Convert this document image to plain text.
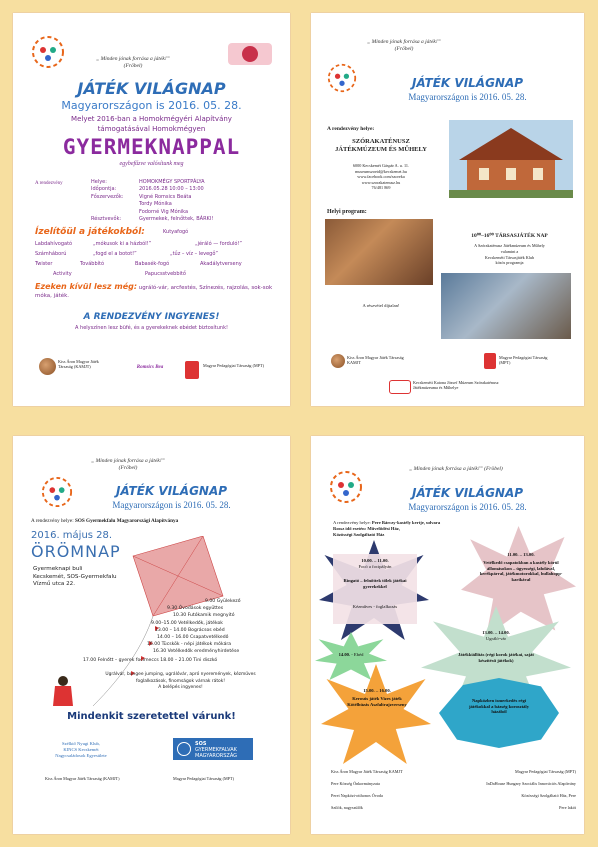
„ Minden jónak forrása a játék!” (Fröbel)
JÁTÉK VILÁGNAP
Magyarországon is 2016. 05. 28.
Melyet 2016-ban a Homokmégyéri Alapítvány
támogatásával Homokmégyen
GYERMEKNAPPAL
egybefűzve valósítunk meg
A rendezvény	Helye:	HOMOKMÉGY SPORTPÁLYA
Időpontja:	2016.05.28 10:00 – 13:00
Főszervezők:	Vigné Romsics Beáta
Tordy Mónika
Fodorné Vig Mónika
Résztvevők:	Gyermekek, felnőttek, BÁRKI!
Ízelítőül a játékokból:	Kutyafogó
Labdahívogató	„mókusok ki a házból!”	„jéráló — forduló!”
Számháború	„fogd el a botot!”	„tűz – víz – levegő”
Twister	Továbbító	Babasék-fogó	Akadálytverseny
Activity	Papucsstvebbitő
Ezeken kívül lesz még: ugráló-vár, arcfestés, Színezés, rajzolás, sok-sok móka, játék.
A RENDEZVÉNY INGYENES!
A helyszínen lesz büfé, és a gyerekeknek ebédet biztosítunk!
Kiss Áron Magyar Játék Társaság (KAMJT)	Romsics Bea	Magyar Pedagógiai Társaság (MPT)
„ Minden jónak forrása a játék!” (Fröbel)
JÁTÉK VILÁGNAP
Magyarországon is 2016. 05. 28.
A rendezvény helye:
SZÓRAKATÉNUSZ JÁTÉKMÚZEUM ÉS MŰHELY
6000 Kecskemét Gáspár A. u. 11.
museumszoeid@kecskemet.hu
www.facebook.com/szoreka
www.szorakatenusz.hu
76/481 869
Helyi program:
10⁰⁰–16⁰⁰ TÁRSASJÁTÉK NAP
A Szórakaténusz Játékmúzeum és Műhely
valamint a
Kecskeméti Társasjáték Klub
közös programja
A részvétel díjtalan!
Kiss Áron Magyar Játék Társaság KAMJT
Magyar Pedagógiai Társaság (MPT)
Kecskeméti Katona József Múzeum Szórakaténusz Játékmúzeuma és Műhelye
„ Minden jónak forrása a játék!” (Fröbel)
JÁTÉK VILÁGNAP
Magyarországon is 2016. 05. 28.
A rendezvény helye: SOS Gyermekfalu Magyarországi Alapítványa
2016. május 28.
ÖRÖMNAP
Gyermeknapi buli
Kecskemét, SOS-Gyermekfalu
Vízmű utca 22.
9.00 Gyülekező
9.30 Óvodások együttes
10.30 Futókamik megnyitó
9.00–15.00 Vetélkedők, játékok
13.00 – 14.00 Bográcsos ebéd
14.00 – 16.00 Csapatvetélkedő
16.00 Tücskök - népi játékok mókára
16.30 Vetélkedők eredményhirdetése
17.00 Felnőtt – gyerek focimeccs 18.00 – 21.00 Tini diszkó
Ugrálvár, bungee jumping, ugrálóvár, apró nyeremények, kézműves
foglalkozások, finomságok várnak rátok!
A belépés ingyenes!
Mindenkit szeretettel várunk!
Szélkiő Nyugi Klub,
KINCS Kecskemét
Nagycsaládosok Egyesülete
SOS
GYERMEKFALVAK
MAGYARORSZÁG
Kiss Áron Magyar Játék Társaság (KAMJT)	Magyar Pedagógiai Társaság (MPT)
„ Minden jónak forrása a játék!” (Fröbel)
JÁTÉK VILÁGNAP
Magyarországon is 2016. 05. 28.
A rendezvény helye: Pere Bárczy-kastély kertje, udvara
Rossz idő esetén: Művelődési Ház,
Közösségi Szolgáltató Ház
10.00. – 11.00.
Focó a focipályán
Ringató – felnőttek tőlek játékai gyerekekkel
Kézműves - foglalkozás
11.00. – 13.00.
Vetélkedő csapatokban a kastély körül állomásokon – ügyességi, labdával, kerékpárral, játékmotorokkal, hullahopp-karikával
14.00. - Ebéd
13.00. – 14.00.
Ugráló-vár
Játékkiállítás (régi korok játékai, saját készítésű játékok)
15.00. – 16.00.
Kerosús játék Vizes játék Kötélhúzás Aszfaltrajzverseny
Napközben ismerkedés régi játékokkal a bázség korosztály házából
Kiss Áron Magyar Játék Társaság KAMJT	Magyar Pedagógiai Társaság (MPT)
Pere Község Önkormányzata	InDaHouse Hungary Szociális Innovációs Alapítvány
Perei Napközi-otthonos Óvoda	Közösségi Szolgáltató Ház, Pere
Szilók, nagyszülők	Pere lakói
